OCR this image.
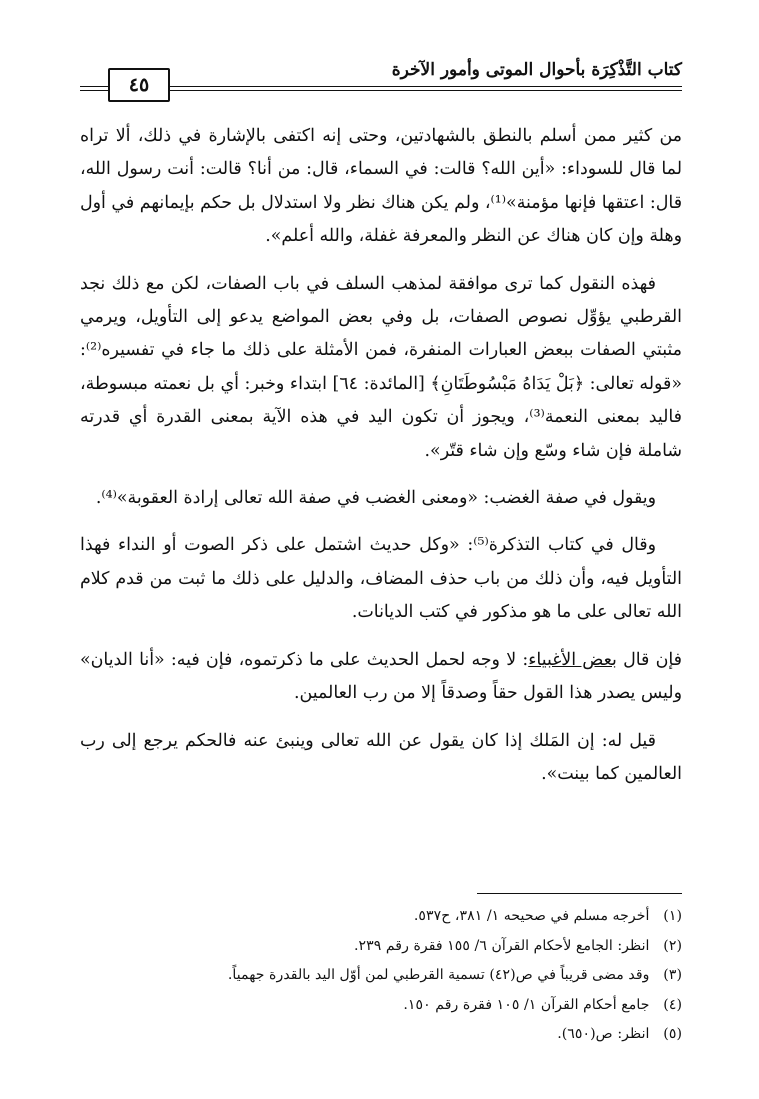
٤٥
كتاب التَّذْكِرَة بأحوال الموتى وأمور الآخرة

من كثير ممن أسلم بالنطق بالشهادتين، وحتى إنه اكتفى بالإشارة في ذلك، ألا تراه لما قال للسوداء: «أين الله؟ قالت: في السماء، قال: من أنا؟ قالت: أنت رسول الله، قال: اعتقها فإنها مؤمنة»⁽¹⁾، ولم يكن هناك نظر ولا استدلال بل حكم بإيمانهم في أول وهلة وإن كان هناك عن النظر والمعرفة غفلة، والله أعلم».

فهذه النقول كما ترى موافقة لمذهب السلف في باب الصفات، لكن مع ذلك نجد القرطبي يؤوِّل نصوص الصفات، بل وفي بعض المواضع يدعو إلى التأويل، ويرمي مثبتي الصفات ببعض العبارات المنفرة، فمن الأمثلة على ذلك ما جاء في تفسيره⁽²⁾: «قوله تعالى: ﴿بَلْ يَدَاهُ مَبْسُوطَتَانِ﴾ [المائدة: ٦٤] ابتداء وخبر: أي بل نعمته مبسوطة، فاليد بمعنى النعمة⁽³⁾، ويجوز أن تكون اليد في هذه الآية بمعنى القدرة أي قدرته شاملة فإن شاء وسّع وإن شاء قتّر».

ويقول في صفة الغضب: «ومعنى الغضب في صفة الله تعالى إرادة العقوبة»⁽⁴⁾.

وقال في كتاب التذكرة⁽⁵⁾: «وكل حديث اشتمل على ذكر الصوت أو النداء فهذا التأويل فيه، وأن ذلك من باب حذف المضاف، والدليل على ذلك ما ثبت من قدم كلام الله تعالى على ما هو مذكور في كتب الديانات.

فإن قال بعض الأغبياء: لا وجه لحمل الحديث على ما ذكرتموه، فإن فيه: «أنا الديان» وليس يصدر هذا القول حقاً وصدقاً إلا من رب العالمين.

قيل له: إن المَلك إذا كان يقول عن الله تعالى وينبئ عنه فالحكم يرجع إلى رب العالمين كما بينت».

(١) أخرجه مسلم في صحيحه ١/ ٣٨١، ح٥٣٧.
(٢) انظر: الجامع لأحكام القرآن ٦/ ١٥٥ فقرة رقم ٢٣٩.
(٣) وقد مضى قريباً في ص(٤٢) تسمية القرطبي لمن أوّل اليد بالقدرة جهمياً.
(٤) جامع أحكام القرآن ١/ ١٠٥ فقرة رقم ١٥٠.
(٥) انظر: ص(٦٥٠).
